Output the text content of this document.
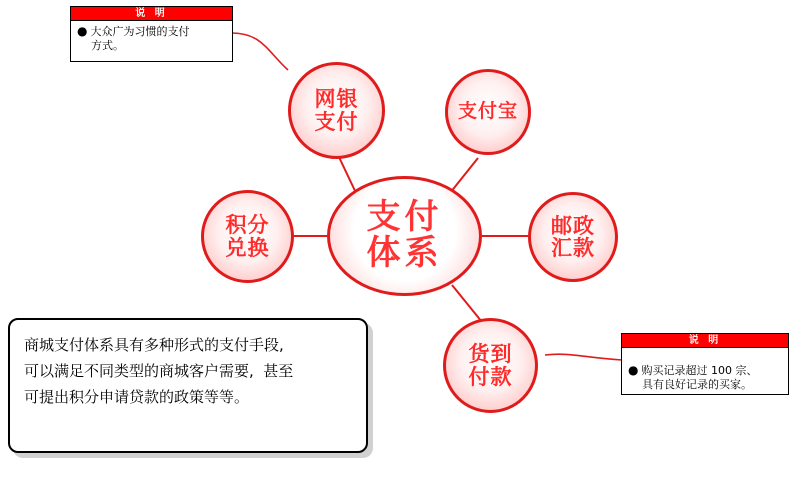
支付
体系
网银
支付	支付宝
邮政
汇款
货到
付款
积分
兑换
说 明
● 大众广为习惯的支付
方式。
说 明
● 购买记录超过 100 宗、
具有良好记录的买家。
商城支付体系具有多种形式的支付手段,
可以满足不同类型的商城客户需要,  甚至
可提出积分申请贷款的政策等等。
